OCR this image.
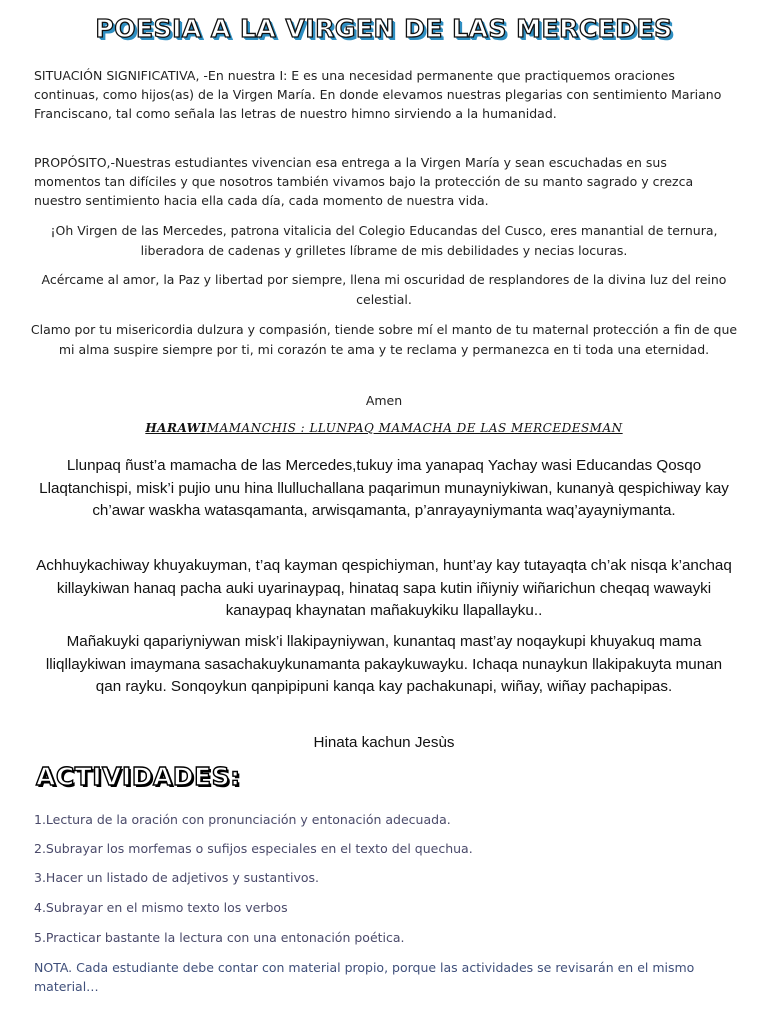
POESIA A LA VIRGEN DE LAS MERCEDES

SITUACIÓN SIGNIFICATIVA, -En nuestra I: E es una necesidad permanente que practiquemos oraciones continuas, como hijos(as) de la Virgen María. En donde elevamos nuestras plegarias con sentimiento Mariano Franciscano, tal como señala las letras de nuestro himno sirviendo a la humanidad.

PROPÓSITO,-Nuestras estudiantes vivencian esa entrega a la Virgen María y sean escuchadas en sus momentos tan difíciles y que nosotros también vivamos bajo la protección de su manto sagrado y crezca nuestro sentimiento hacia ella cada día, cada momento de nuestra vida.

¡Oh Virgen de las Mercedes, patrona vitalicia del Colegio Educandas del Cusco, eres manantial de ternura, liberadora de cadenas y grilletes líbrame de mis debilidades y necias locuras.

Acércame al amor, la Paz y libertad por siempre, llena mi oscuridad de resplandores de la divina luz del reino celestial.

Clamo por tu misericordia dulzura y compasión, tiende sobre mí el manto de tu maternal protección a fin de que mi alma suspire siempre por ti, mi corazón te ama y te reclama y permanezca en ti toda una eternidad.

Amen

HARAWIMAMANCHIS : LLUNPAQ MAMACHA DE LAS MERCEDESMAN
Llunpaq ñust’a mamacha de las Mercedes,tukuy ima yanapaq Yachay wasi Educandas Qosqo Llaqtanchispi, misk’i pujio unu hina llulluchallana paqarimun munayniykiwan, kunanyà qespichiway kay ch’awar waskha watasqamanta, arwisqamanta, p’anrayayniymanta waq’ayayniymanta.
Achhuykachiway khuyakuyman, t’aq kayman qespichiyman, hunt’ay kay tutayaqta ch’ak nisqa k’anchaq killaykiwan hanaq pacha auki uyarinaypaq, hinataq sapa kutin iñiyniy wiñarichun cheqaq wawayki kanaypaq khaynatan mañakuykiku llapallayku..
Mañakuyki qapariyniywan misk’i llakipayniywan, kunantaq mast’ay noqaykupi khuyakuq mama lliqllaykiwan imaymana sasachakuykunamanta pakaykuwayku. Ichaqa nunaykun llakipakuyta munan qan rayku. Sonqoykun qanpipipuni kanqa kay pachakunapi, wiñay, wiñay pachapipas.
Hinata kachun Jesùs
ACTIVIDADES:
1.Lectura de la oración con pronunciación y entonación adecuada.
2.Subrayar los morfemas o sufijos especiales en el texto del quechua.
3.Hacer un listado de adjetivos y sustantivos.
4.Subrayar en el mismo texto los verbos
5.Practicar bastante la lectura con una entonación poética.
NOTA. Cada estudiante debe contar con material propio, porque las actividades se revisarán en el mismo material…
